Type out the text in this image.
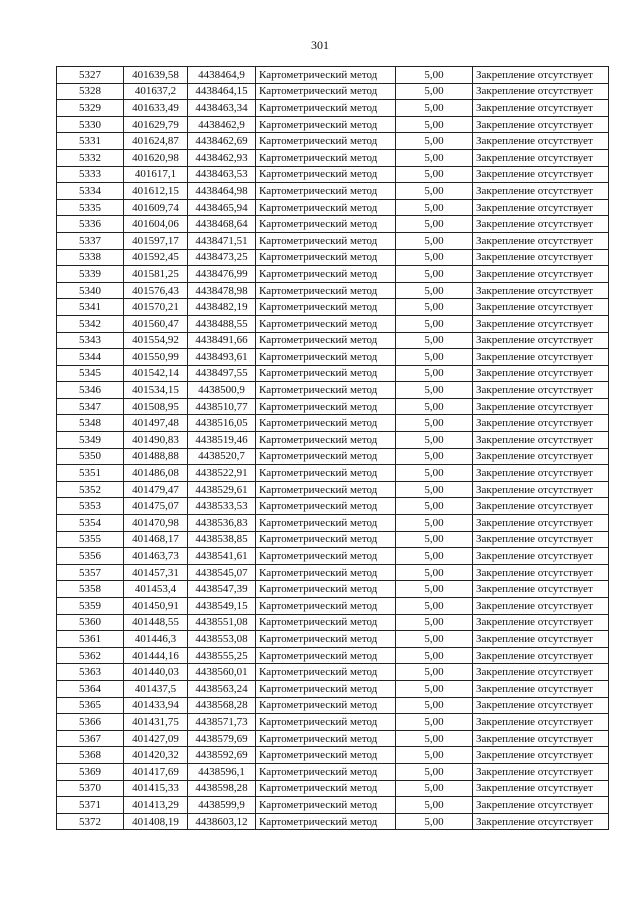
301
5327	401639,58	4438464,9	Картометрический метод	5,00	Закрепление отсутствует
5328	401637,2	4438464,15	Картометрический метод	5,00	Закрепление отсутствует
5329	401633,49	4438463,34	Картометрический метод	5,00	Закрепление отсутствует
5330	401629,79	4438462,9	Картометрический метод	5,00	Закрепление отсутствует
5331	401624,87	4438462,69	Картометрический метод	5,00	Закрепление отсутствует
5332	401620,98	4438462,93	Картометрический метод	5,00	Закрепление отсутствует
5333	401617,1	4438463,53	Картометрический метод	5,00	Закрепление отсутствует
5334	401612,15	4438464,98	Картометрический метод	5,00	Закрепление отсутствует
5335	401609,74	4438465,94	Картометрический метод	5,00	Закрепление отсутствует
5336	401604,06	4438468,64	Картометрический метод	5,00	Закрепление отсутствует
5337	401597,17	4438471,51	Картометрический метод	5,00	Закрепление отсутствует
5338	401592,45	4438473,25	Картометрический метод	5,00	Закрепление отсутствует
5339	401581,25	4438476,99	Картометрический метод	5,00	Закрепление отсутствует
5340	401576,43	4438478,98	Картометрический метод	5,00	Закрепление отсутствует
5341	401570,21	4438482,19	Картометрический метод	5,00	Закрепление отсутствует
5342	401560,47	4438488,55	Картометрический метод	5,00	Закрепление отсутствует
5343	401554,92	4438491,66	Картометрический метод	5,00	Закрепление отсутствует
5344	401550,99	4438493,61	Картометрический метод	5,00	Закрепление отсутствует
5345	401542,14	4438497,55	Картометрический метод	5,00	Закрепление отсутствует
5346	401534,15	4438500,9	Картометрический метод	5,00	Закрепление отсутствует
5347	401508,95	4438510,77	Картометрический метод	5,00	Закрепление отсутствует
5348	401497,48	4438516,05	Картометрический метод	5,00	Закрепление отсутствует
5349	401490,83	4438519,46	Картометрический метод	5,00	Закрепление отсутствует
5350	401488,88	4438520,7	Картометрический метод	5,00	Закрепление отсутствует
5351	401486,08	4438522,91	Картометрический метод	5,00	Закрепление отсутствует
5352	401479,47	4438529,61	Картометрический метод	5,00	Закрепление отсутствует
5353	401475,07	4438533,53	Картометрический метод	5,00	Закрепление отсутствует
5354	401470,98	4438536,83	Картометрический метод	5,00	Закрепление отсутствует
5355	401468,17	4438538,85	Картометрический метод	5,00	Закрепление отсутствует
5356	401463,73	4438541,61	Картометрический метод	5,00	Закрепление отсутствует
5357	401457,31	4438545,07	Картометрический метод	5,00	Закрепление отсутствует
5358	401453,4	4438547,39	Картометрический метод	5,00	Закрепление отсутствует
5359	401450,91	4438549,15	Картометрический метод	5,00	Закрепление отсутствует
5360	401448,55	4438551,08	Картометрический метод	5,00	Закрепление отсутствует
5361	401446,3	4438553,08	Картометрический метод	5,00	Закрепление отсутствует
5362	401444,16	4438555,25	Картометрический метод	5,00	Закрепление отсутствует
5363	401440,03	4438560,01	Картометрический метод	5,00	Закрепление отсутствует
5364	401437,5	4438563,24	Картометрический метод	5,00	Закрепление отсутствует
5365	401433,94	4438568,28	Картометрический метод	5,00	Закрепление отсутствует
5366	401431,75	4438571,73	Картометрический метод	5,00	Закрепление отсутствует
5367	401427,09	4438579,69	Картометрический метод	5,00	Закрепление отсутствует
5368	401420,32	4438592,69	Картометрический метод	5,00	Закрепление отсутствует
5369	401417,69	4438596,1	Картометрический метод	5,00	Закрепление отсутствует
5370	401415,33	4438598,28	Картометрический метод	5,00	Закрепление отсутствует
5371	401413,29	4438599,9	Картометрический метод	5,00	Закрепление отсутствует
5372	401408,19	4438603,12	Картометрический метод	5,00	Закрепление отсутствует
